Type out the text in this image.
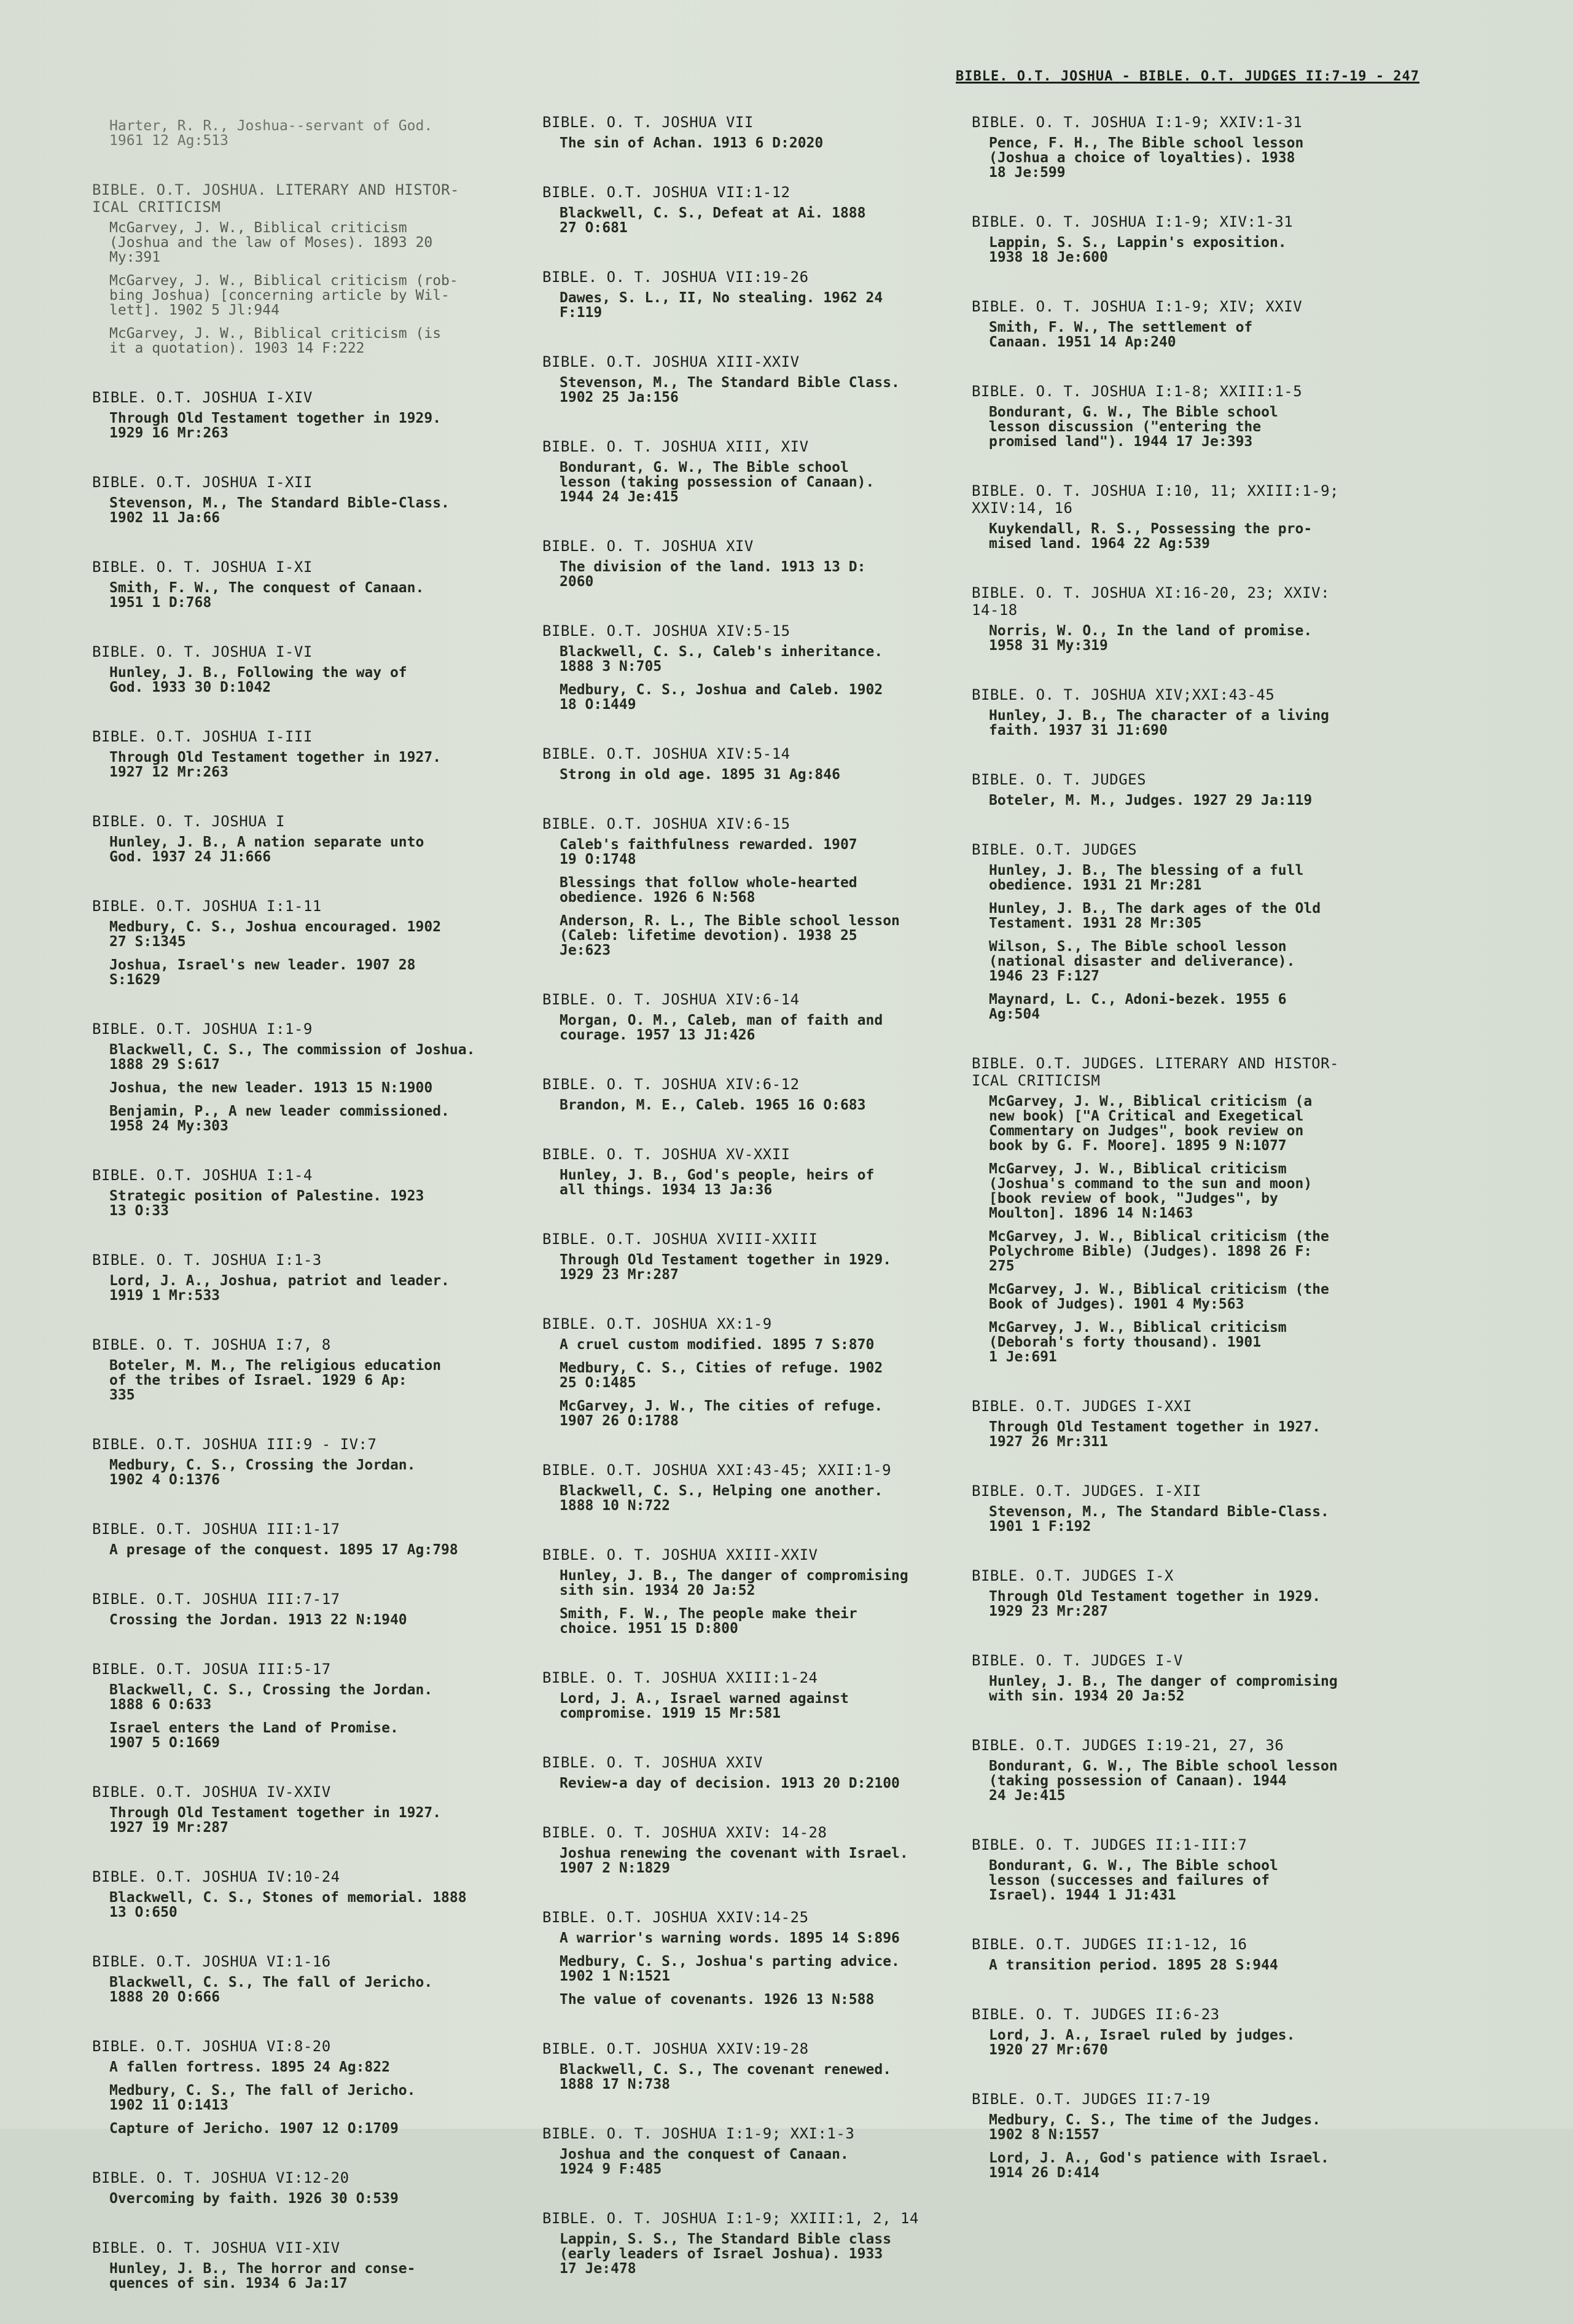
BIBLE. O.T. JOSHUA - BIBLE. O.T. JUDGES II:7-19 - 247
Harter, R. R., Joshua--servant of God.
1961 12 Ag:513
BIBLE. O.T. JOSHUA. LITERARY AND HISTOR-
ICAL CRITICISM
McGarvey, J. W., Biblical criticism
(Joshua and the law of Moses). 1893 20
My:391
McGarvey, J. W., Biblical criticism (rob-
bing Joshua) [concerning article by Wil-
lett]. 1902 5 Jl:944
McGarvey, J. W., Biblical criticism (is
it a quotation). 1903 14 F:222
BIBLE. O.T. JOSHUA I-XIV
Through Old Testament together in 1929.
1929 16 Mr:263
BIBLE. O.T. JOSHUA I-XII
Stevenson, M., The Standard Bible-Class.
1902 11 Ja:66
BIBLE. O. T. JOSHUA I-XI
Smith, F. W., The conquest of Canaan.
1951 1 D:768
BIBLE. O. T. JOSHUA I-VI
Hunley, J. B., Following the way of
God. 1933 30 D:1042
BIBLE. O.T. JOSHUA I-III
Through Old Testament together in 1927.
1927 12 Mr:263
BIBLE. O. T. JOSHUA I
Hunley, J. B., A nation separate unto
God. 1937 24 J1:666
BIBLE. O.T. JOSHUA I:1-11
Medbury, C. S., Joshua encouraged. 1902
27 S:1345
Joshua, Israel's new leader. 1907 28
S:1629
BIBLE. O.T. JOSHUA I:1-9
Blackwell, C. S., The commission of Joshua.
1888 29 S:617
Joshua, the new leader. 1913 15 N:1900
Benjamin, P., A new leader commissioned.
1958 24 My:303
BIBLE. O.T. JOSHUA I:1-4
Strategic position of Palestine. 1923
13 O:33
BIBLE. O. T. JOSHUA I:1-3
Lord, J. A., Joshua, patriot and leader.
1919 1 Mr:533
BIBLE. O. T. JOSHUA I:7, 8
Boteler, M. M., The religious education
of the tribes of Israel. 1929 6 Ap:
335
BIBLE. O.T. JOSHUA III:9 - IV:7
Medbury, C. S., Crossing the Jordan.
1902 4 O:1376
BIBLE. O.T. JOSHUA III:1-17
A presage of the conquest. 1895 17 Ag:798
BIBLE. O.T. JOSHUA III:7-17
Crossing the Jordan. 1913 22 N:1940
BIBLE. O.T. JOSUA III:5-17
Blackwell, C. S., Crossing the Jordan.
1888 6 O:633
Israel enters the Land of Promise.
1907 5 O:1669
BIBLE. O.T. JOSHUA IV-XXIV
Through Old Testament together in 1927.
1927 19 Mr:287
BIBLE. O.T. JOSHUA IV:10-24
Blackwell, C. S., Stones of memorial. 1888
13 O:650
BIBLE. O.T. JOSHUA VI:1-16
Blackwell, C. S., The fall of Jericho.
1888 20 O:666
BIBLE. O.T. JOSHUA VI:8-20
A fallen fortress. 1895 24 Ag:822
Medbury, C. S., The fall of Jericho.
1902 11 O:1413
Capture of Jericho. 1907 12 O:1709
BIBLE. O. T. JOSHUA VI:12-20
Overcoming by faith. 1926 30 O:539
BIBLE. O. T. JOSHUA VII-XIV
Hunley, J. B., The horror and conse-
quences of sin. 1934 6 Ja:17
BIBLE. O. T. JOSHUA VII
The sin of Achan. 1913 6 D:2020
BIBLE. O.T. JOSHUA VII:1-12
Blackwell, C. S., Defeat at Ai. 1888
27 O:681
BIBLE. O. T. JOSHUA VII:19-26
Dawes, S. L., II, No stealing. 1962 24
F:119
BIBLE. O.T. JOSHUA XIII-XXIV
Stevenson, M., The Standard Bible Class.
1902 25 Ja:156
BIBLE. O. T. JOSHUA XIII, XIV
Bondurant, G. W., The Bible school
lesson (taking possession of Canaan).
1944 24 Je:415
BIBLE. O. T. JOSHUA XIV
The division of the land. 1913 13 D:
2060
BIBLE. O.T. JOSHUA XIV:5-15
Blackwell, C. S., Caleb's inheritance.
1888 3 N:705
Medbury, C. S., Joshua and Caleb. 1902
18 O:1449
BIBLE. O.T. JOSHUA XIV:5-14
Strong in old age. 1895 31 Ag:846
BIBLE. O.T. JOSHUA XIV:6-15
Caleb's faithfulness rewarded. 1907
19 O:1748
Blessings that follow whole-hearted
obedience. 1926 6 N:568
Anderson, R. L., The Bible school lesson
(Caleb: lifetime devotion). 1938 25
Je:623
BIBLE. O. T. JOSHUA XIV:6-14
Morgan, O. M., Caleb, man of faith and
courage. 1957 13 J1:426
BIBLE. O. T. JOSHUA XIV:6-12
Brandon, M. E., Caleb. 1965 16 O:683
BIBLE. O. T. JOSHUA XV-XXII
Hunley, J. B., God's people, heirs of
all things. 1934 13 Ja:36
BIBLE. O.T. JOSHUA XVIII-XXIII
Through Old Testament together in 1929.
1929 23 Mr:287
BIBLE. O.T. JOSHUA XX:1-9
A cruel custom modified. 1895 7 S:870
Medbury, C. S., Cities of refuge. 1902
25 O:1485
McGarvey, J. W., The cities of refuge.
1907 26 O:1788
BIBLE. O.T. JOSHUA XXI:43-45; XXII:1-9
Blackwell, C. S., Helping one another.
1888 10 N:722
BIBLE. O. T. JOSHUA XXIII-XXIV
Hunley, J. B., The danger of compromising
sith sin. 1934 20 Ja:52
Smith, F. W., The people make their
choice. 1951 15 D:800
BIBLE. O. T. JOSHUA XXIII:1-24
Lord, J. A., Israel warned against
compromise. 1919 15 Mr:581
BIBLE. O. T. JOSHUA XXIV
Review-a day of decision. 1913 20 D:2100
BIBLE. O. T. JOSHUA XXIV: 14-28
Joshua renewing the covenant with Israel.
1907 2 N:1829
BIBLE. O.T. JOSHUA XXIV:14-25
A warrior's warning words. 1895 14 S:896
Medbury, C. S., Joshua's parting advice.
1902 1 N:1521
The value of covenants. 1926 13 N:588
BIBLE. O.T. JOSHUA XXIV:19-28
Blackwell, C. S., The covenant renewed.
1888 17 N:738
BIBLE. O. T. JOSHUA I:1-9; XXI:1-3
Joshua and the conquest of Canaan.
1924 9 F:485
BIBLE. O. T. JOSHUA I:1-9; XXIII:1, 2, 14
Lappin, S. S., The Standard Bible class
(early leaders of Israel Joshua). 1933
17 Je:478
BIBLE. O. T. JOSHUA I:1-9; XXIV:1-31
Pence, F. H., The Bible school lesson
(Joshua a choice of loyalties). 1938
18 Je:599
BIBLE. O. T. JOSHUA I:1-9; XIV:1-31
Lappin, S. S., Lappin's exposition.
1938 18 Je:600
BIBLE. O. T. JOSHUA I:1-9; XIV; XXIV
Smith, F. W., The settlement of
Canaan. 1951 14 Ap:240
BIBLE. O. T. JOSHUA I:1-8; XXIII:1-5
Bondurant, G. W., The Bible school
lesson discussion ("entering the
promised land"). 1944 17 Je:393
BIBLE. O. T. JOSHUA I:10, 11; XXIII:1-9;
XXIV:14, 16
Kuykendall, R. S., Possessing the pro-
mised land. 1964 22 Ag:539
BIBLE. O. T. JOSHUA XI:16-20, 23; XXIV:
14-18
Norris, W. O., In the land of promise.
1958 31 My:319
BIBLE. O. T. JOSHUA XIV;XXI:43-45
Hunley, J. B., The character of a living
faith. 1937 31 J1:690
BIBLE. O. T. JUDGES
Boteler, M. M., Judges. 1927 29 Ja:119
BIBLE. O.T. JUDGES
Hunley, J. B., The blessing of a full
obedience. 1931 21 Mr:281
Hunley, J. B., The dark ages of the Old
Testament. 1931 28 Mr:305
Wilson, S., The Bible school lesson
(national disaster and deliverance).
1946 23 F:127
Maynard, L. C., Adoni-bezek. 1955 6
Ag:504
BIBLE. O.T. JUDGES. LITERARY AND HISTOR-
ICAL CRITICISM
McGarvey, J. W., Biblical criticism (a
new book) ["A Critical and Exegetical
Commentary on Judges", book review on
book by G. F. Moore]. 1895 9 N:1077
McGarvey, J. W., Biblical criticism
(Joshua's command to the sun and moon)
[book review of book, "Judges", by
Moulton]. 1896 14 N:1463
McGarvey, J. W., Biblical criticism (the
Polychrome Bible) (Judges). 1898 26 F:
275
McGarvey, J. W., Biblical criticism (the
Book of Judges). 1901 4 My:563
McGarvey, J. W., Biblical criticism
(Deborah's forty thousand). 1901
1 Je:691
BIBLE. O.T. JUDGES I-XXI
Through Old Testament together in 1927.
1927 26 Mr:311
BIBLE. O.T. JUDGES. I-XII
Stevenson, M., The Standard Bible-Class.
1901 1 F:192
BIBLE. O.T. JUDGES I-X
Through Old Testament together in 1929.
1929 23 Mr:287
BIBLE. O. T. JUDGES I-V
Hunley, J. B., The danger of compromising
with sin. 1934 20 Ja:52
BIBLE. O.T. JUDGES I:19-21, 27, 36
Bondurant, G. W., The Bible school lesson
(taking possession of Canaan). 1944
24 Je:415
BIBLE. O. T. JUDGES II:1-III:7
Bondurant, G. W., The Bible school
lesson (successes and failures of
Israel). 1944 1 J1:431
BIBLE. O.T. JUDGES II:1-12, 16
A transition period. 1895 28 S:944
BIBLE. O. T. JUDGES II:6-23
Lord, J. A., Israel ruled by judges.
1920 27 Mr:670
BIBLE. O.T. JUDGES II:7-19
Medbury, C. S., The time of the Judges.
1902 8 N:1557
Lord, J. A., God's patience with Israel.
1914 26 D:414
